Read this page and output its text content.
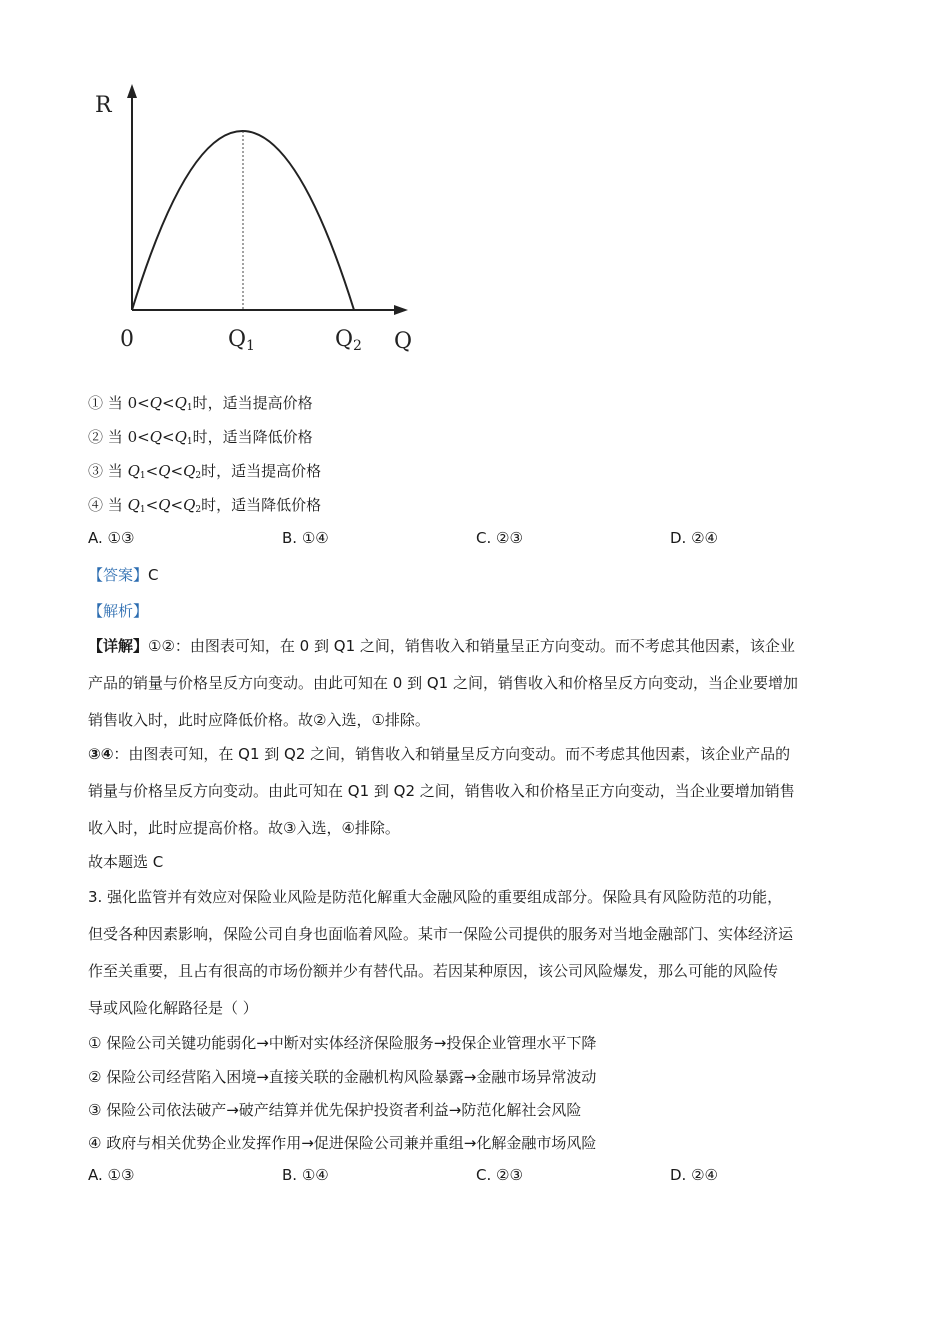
R
0	Q1	Q2 Q
① 当 $0<Q<Q_1$时，适当提高价格
② 当 $0<Q<Q_1$时，适当降低价格
③ 当 $Q_1<Q<Q_2$时，适当提高价格
④ 当 $Q_1<Q<Q_2$时，适当降低价格
A. ①③	B. ①④	C. ②③	D. ②④
【答案】C
【解析】
【详解】①②：由图表可知，在 0 到 Q1 之间，销售收入和销量呈正方向变动。而不考虑其他因素，该企业
产品的销量与价格呈反方向变动。由此可知在 0 到 Q1 之间，销售收入和价格呈反方向变动，当企业要增加
销售收入时，此时应降低价格。故②入选，①排除。
③④：由图表可知，在 Q1 到 Q2 之间，销售收入和销量呈反方向变动。而不考虑其他因素，该企业产品的
销量与价格呈反方向变动。由此可知在 Q1 到 Q2 之间，销售收入和价格呈正方向变动，当企业要增加销售
收入时，此时应提高价格。故③入选，④排除。
故本题选 C
3. 强化监管并有效应对保险业风险是防范化解重大金融风险的重要组成部分。保险具有风险防范的功能，
但受各种因素影响，保险公司自身也面临着风险。某市一保险公司提供的服务对当地金融部门、实体经济运
作至关重要，且占有很高的市场份额并少有替代品。若因某种原因，该公司风险爆发，那么可能的风险传
导或风险化解路径是（ ）
① 保险公司关键功能弱化→中断对实体经济保险服务→投保企业管理水平下降
② 保险公司经营陷入困境→直接关联的金融机构风险暴露→金融市场异常波动
③ 保险公司依法破产→破产结算并优先保护投资者利益→防范化解社会风险
④ 政府与相关优势企业发挥作用→促进保险公司兼并重组→化解金融市场风险
A. ①③	B. ①④	C. ②③	D. ②④
